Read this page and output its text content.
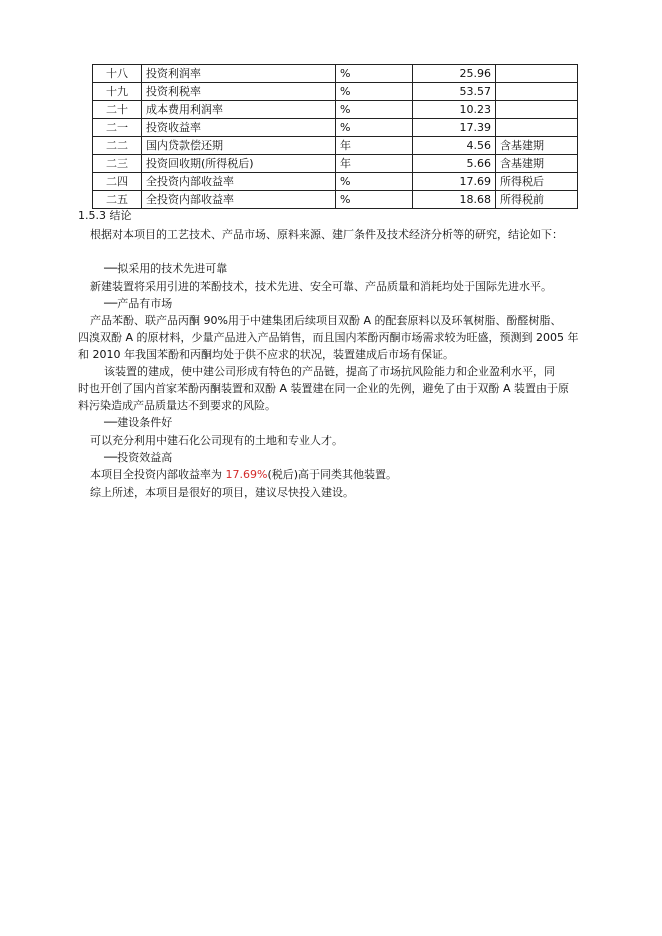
十八	投资利润率	%	25.96	
十九	投资利税率	%	53.57	
二十	成本费用利润率	%	10.23	
二一	投资收益率	%	17.39	
二二	国内贷款偿还期	年	4.56	含基建期
二三	投资回收期(所得税后)	年	5.66	含基建期
二四	全投资内部收益率	%	17.69	所得税后
二五	全投资内部收益率	%	18.68	所得税前
1.5.3 结论
根据对本项目的工艺技术、产品市场、原料来源、建厂条件及技术经济分析等的研究，结论如下：
──拟采用的技术先进可靠
新建装置将采用引进的苯酚技术，技术先进、安全可靠、产品质量和消耗均处于国际先进水平。
──产品有市场
产品苯酚、联产品丙酮 90%用于中建集团后续项目双酚 A 的配套原料以及环氧树脂、酚醛树脂、
四溴双酚 A 的原材料，少量产品进入产品销售，而且国内苯酚丙酮市场需求较为旺盛，预测到 2005 年
和 2010 年我国苯酚和丙酮均处于供不应求的状况，装置建成后市场有保证。
该装置的建成，使中建公司形成有特色的产品链，提高了市场抗风险能力和企业盈利水平，同
时也开创了国内首家苯酚丙酮装置和双酚 A 装置建在同一企业的先例，避免了由于双酚 A 装置由于原
料污染造成产品质量达不到要求的风险。
──建设条件好
可以充分利用中建石化公司现有的土地和专业人才。
──投资效益高
本项目全投资内部收益率为 17.69%(税后)高于同类其他装置。
综上所述，本项目是很好的项目，建议尽快投入建设。
